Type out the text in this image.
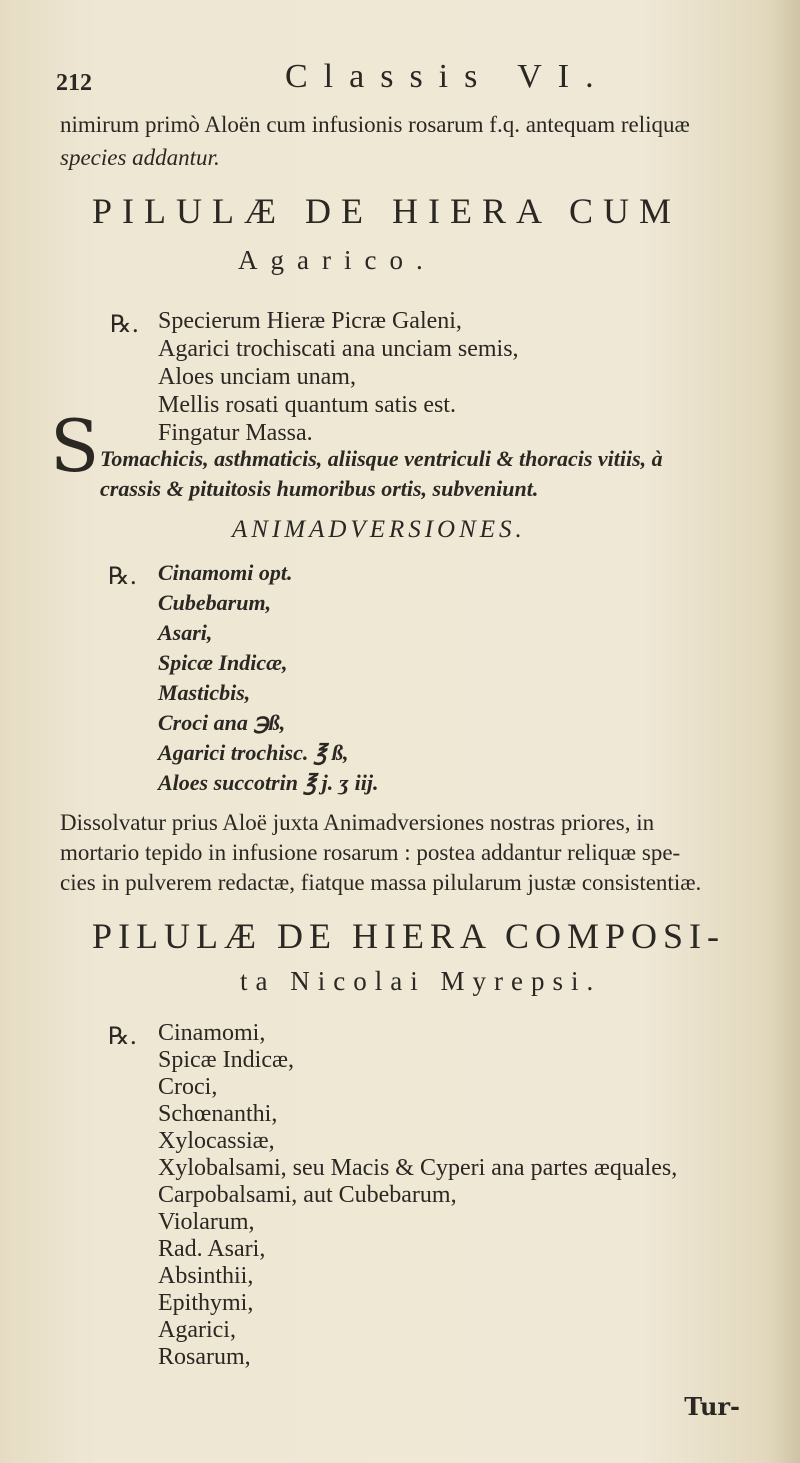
212	Classis VI.
nimirum primò Aloën cum infusionis rosarum f.q. antequam reliquæ
species addantur.
PILULÆ DE HIERA CUM
Agarico.
℞. Specierum Hieræ Picræ Galeni,
Agarici trochiscati ana unciam semis,
Aloes unciam unam,
Mellis rosati quantum satis est.
Fingatur Massa.
S Tomachicis, asthmaticis, aliisque ventriculi & thoracis vitiis, à
crassis & pituitosis humoribus ortis, subveniunt.
ANIMADVERSIONES.
℞. Cinamomi opt.
Cubebarum,
Asari,
Spicæ Indicæ,
Masticbis,
Croci ana ℈ß,
Agarici trochisc. ℥ ß,
Aloes succotrin ℥ j. ʒ iij.
Dissolvatur prius Aloë juxta Animadversiones nostras priores, in
mortario tepido in infusione rosarum : postea addantur reliquæ spe-
cies in pulverem redactæ, fiatque massa pilularum justæ consistentiæ.
PILULÆ DE HIERA COMPOSI-
ta Nicolai Myrepsi.
℞. Cinamomi,
Spicæ Indicæ,
Croci,
Schœnanthi,
Xylocassiæ,
Xylobalsami, seu Macis & Cyperi ana partes æquales,
Carpobalsami, aut Cubebarum,
Violarum,
Rad. Asari,
Absinthii,
Epithymi,
Agarici,
Rosarum,
Tur-
